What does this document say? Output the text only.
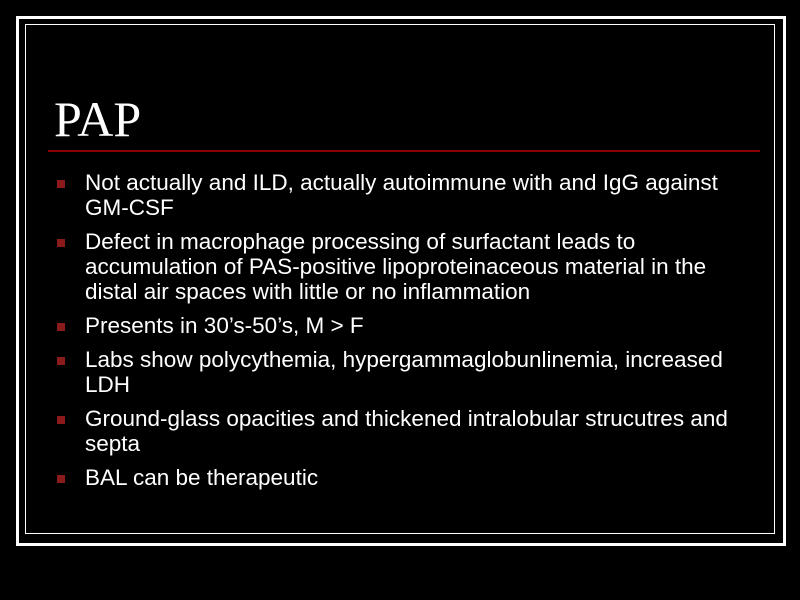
PAP
Not actually and ILD, actually autoimmune with and IgG against GM-CSF
Defect in macrophage processing of surfactant leads to accumulation of PAS-positive lipoproteinaceous material in the distal air spaces with little or no inflammation
Presents in 30’s-50’s, M > F
Labs show polycythemia, hypergammaglobunlinemia, increased LDH
Ground-glass opacities and thickened intralobular strucutres and septa
BAL can be therapeutic
